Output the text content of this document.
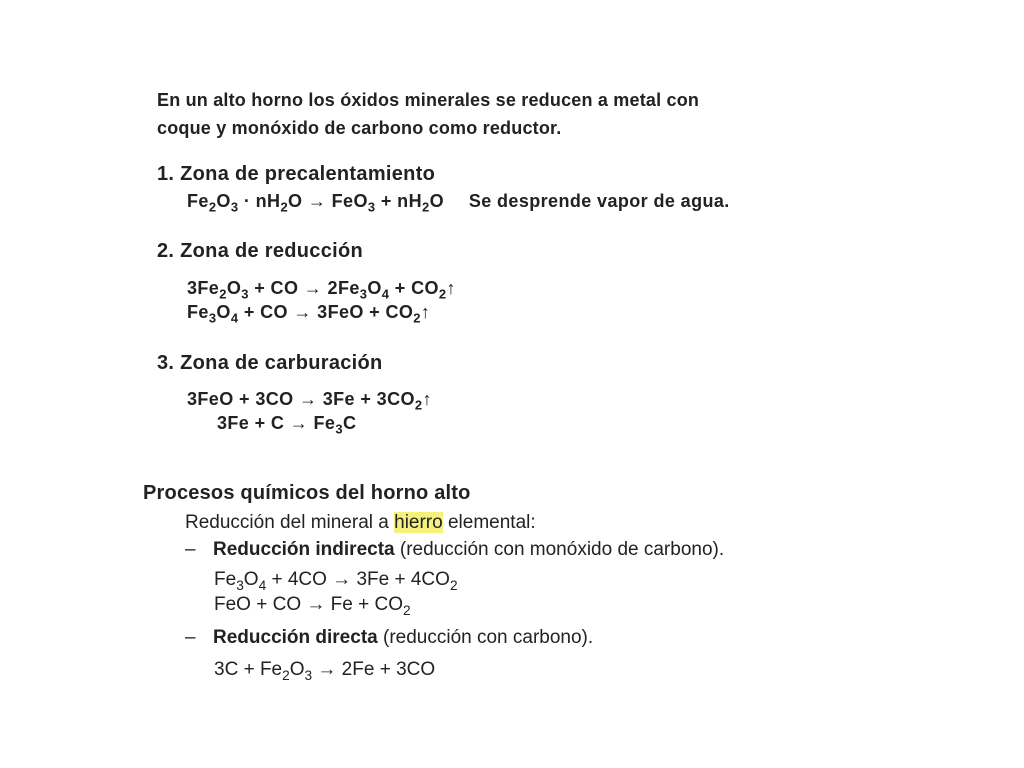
En un alto horno los óxidos minerales se reducen a metal con
coque y monóxido de carbono como reductor.
1. Zona de precalentamiento
$Fe_2O_3 \cdot nH_2O \to FeO_3 + nH_2O$ Se desprende vapor de agua.
2. Zona de reducción
$3Fe_2O_3$ + CO → $2Fe_3O_4$ + $CO_2↑$
$Fe_3O_4$ + CO → $3FeO + CO_2↑$
3. Zona de carburación
$3FeO + 3CO \to 3Fe + 3CO_2↑$
$3Fe + C \to Fe_3C$
Procesos químicos del horno alto
Reducción del mineral a hierro elemental:
– Reducción indirecta (reducción con monóxido de carbono).
$Fe_3O_4 + 4CO \to 3Fe + 4CO_2$
FeO + CO → $Fe + CO_2$
– Reducción directa (reducción con carbono).
$3C + Fe_2O_3 \to 2Fe + 3CO$
